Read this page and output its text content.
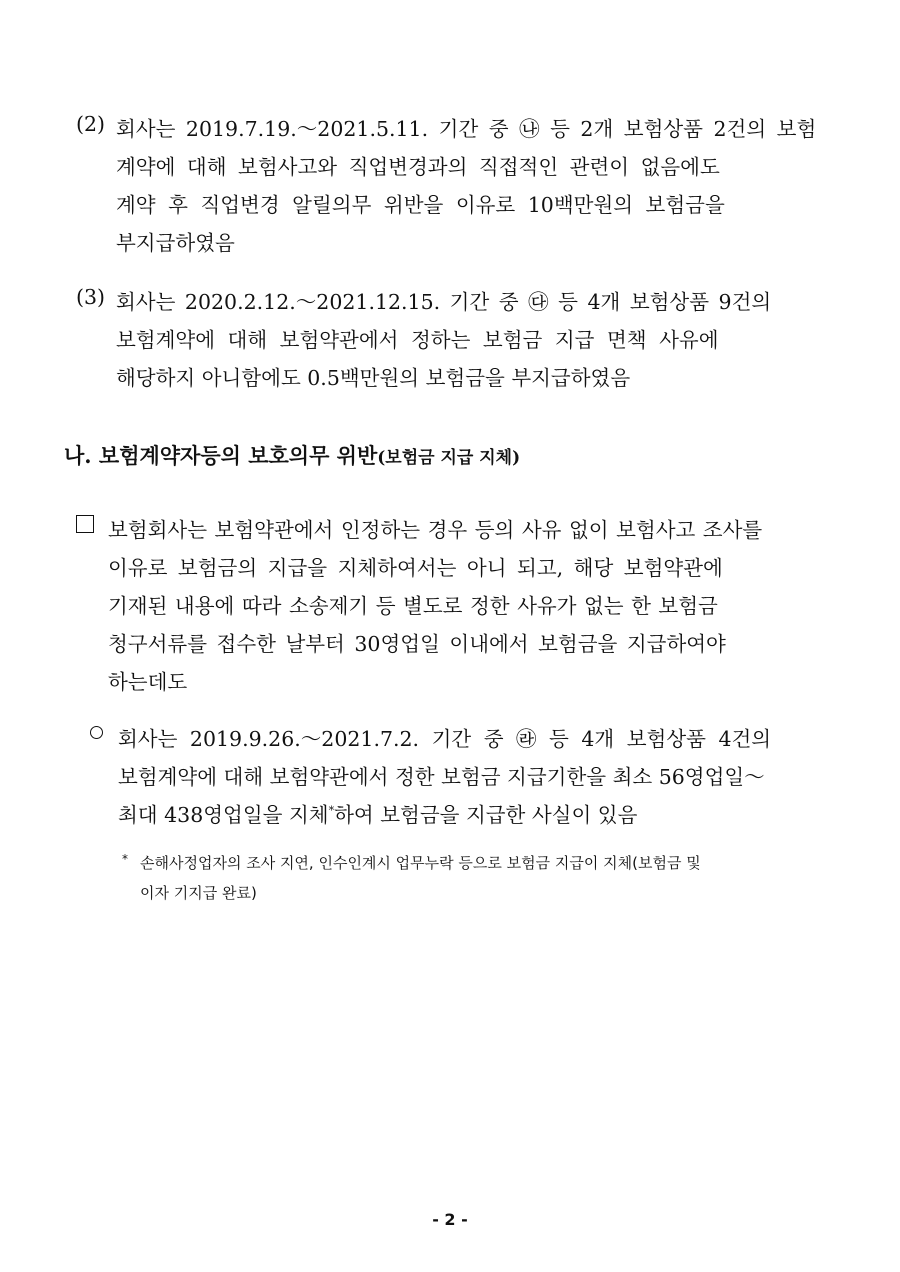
(2) 회사는 2019.7.19.～2021.5.11. 기간 중 ㉯ 등 2개 보험상품 2건의 보험
계약에 대해 보험사고와 직업변경과의 직접적인 관련이 없음에도
계약 후 직업변경 알릴의무 위반을 이유로 10백만원의 보험금을
부지급하였음
(3) 회사는 2020.2.12.～2021.12.15. 기간 중 ㉰ 등 4개 보험상품 9건의
보험계약에 대해 보험약관에서 정하는 보험금 지급 면책 사유에
해당하지 아니함에도 0.5백만원의 보험금을 부지급하였음
나. 보험계약자등의 보호의무 위반(보험금 지급 지체)
보험회사는 보험약관에서 인정하는 경우 등의 사유 없이 보험사고 조사를
이유로 보험금의 지급을 지체하여서는 아니 되고, 해당 보험약관에
기재된 내용에 따라 소송제기 등 별도로 정한 사유가 없는 한 보험금
청구서류를 접수한 날부터 30영업일 이내에서 보험금을 지급하여야
하는데도
회사는 2019.9.26.～2021.7.2. 기간 중 ㉱ 등 4개 보험상품 4건의
보험계약에 대해 보험약관에서 정한 보험금 지급기한을 최소 56영업일～
최대 438영업일을 지체*하여 보험금을 지급한 사실이 있음
* 손해사정업자의 조사 지연, 인수인계시 업무누락 등으로 보험금 지급이 지체(보험금 및
이자 기지급 완료)
- 2 -
